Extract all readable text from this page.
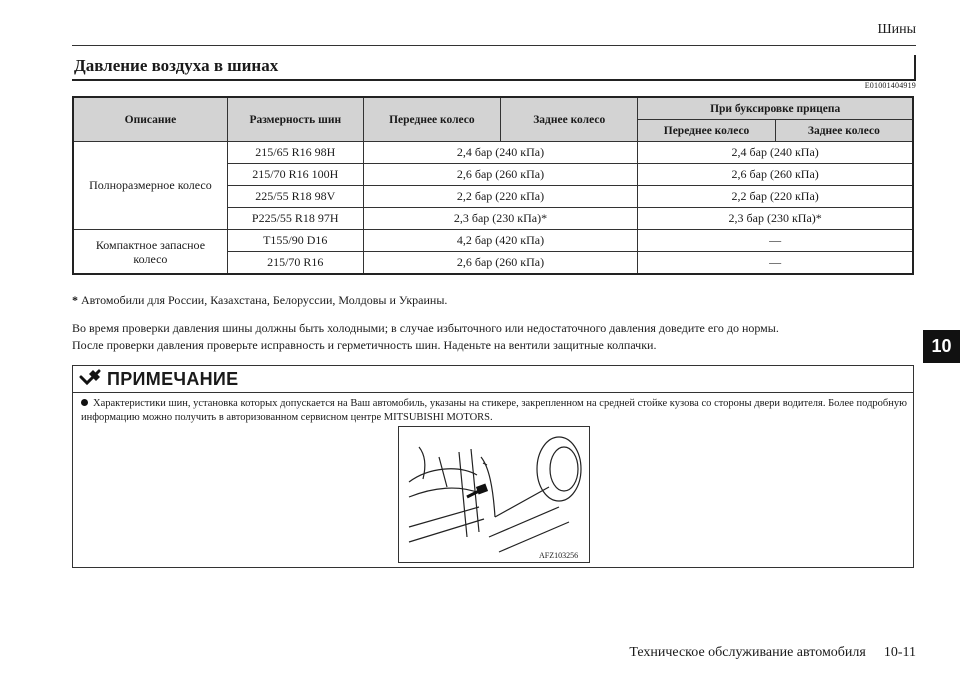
Шины
Давление воздуха в шинах
E01001404919
Описание	Размерность шин	Переднее колесо	Заднее колесо	При буксировке прицепа	
				Переднее колесо	Заднее колесо
Полноразмерное колесо	215/65 R16 98H	2,4 бар (240 кПа)		2,4 бар (240 кПа)	
	215/70 R16 100H	2,6 бар (260 кПа)		2,6 бар (260 кПа)	
	225/55 R18 98V	2,2 бар (220 кПа)		2,2 бар (220 кПа)	
	P225/55 R18 97H	2,3 бар (230 кПа)*		2,3 бар (230 кПа)*	
Компактное запасное колесо	T155/90 D16	4,2 бар (420 кПа)		—	
	215/70 R16	2,6 бар (260 кПа)		—	
* Автомобили для России, Казахстана, Белоруссии, Молдовы и Украины.
Во время проверки давления шины должны быть холодными; в случае избыточного или недостаточного давления доведите его до нормы.
После проверки давления проверьте исправность и герметичность шин. Наденьте на вентили защитные колпачки.	10
ПРИМЕЧАНИЕ
Характеристики шин, установка которых допускается на Ваш автомобиль, указаны на стикере, закрепленном на средней стойке кузова со стороны двери водителя. Более подробную информацию можно получить в авторизованном сервисном центре MITSUBISHI MOTORS.
AFZ103256
Техническое обслуживание автомобиля 10-11
